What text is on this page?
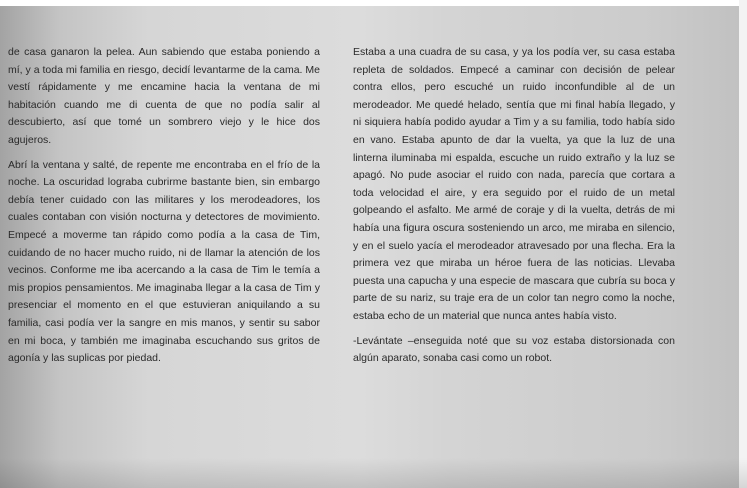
de casa ganaron la pelea. Aun sabiendo que estaba poniendo a mí, y a toda mi familia en riesgo, decidí levantarme de la cama. Me vestí rápidamente y me encamine hacia la ventana de mi habitación cuando me di cuenta de que no podía salir al descubierto, así que tomé un sombrero viejo y le hice dos agujeros.

Abrí la ventana y salté, de repente me encontraba en el frío de la noche. La oscuridad lograba cubrirme bastante bien, sin embargo debía tener cuidado con las militares y los merodeadores, los cuales contaban con visión nocturna y detectores de movimiento. Empecé a moverme tan rápido como podía a la casa de Tim, cuidando de no hacer mucho ruido, ni de llamar la atención de los vecinos. Conforme me iba acercando a la casa de Tim le temía a mis propios pensamientos. Me imaginaba llegar a la casa de Tim y presenciar el momento en el que estuvieran aniquilando a su familia, casi podía ver la sangre en mis manos, y sentir su sabor en mi boca, y también me imaginaba escuchando sus gritos de agonía y las suplicas por piedad.

Estaba a una cuadra de su casa, y ya los podía ver, su casa estaba repleta de soldados. Empecé a caminar con decisión de pelear contra ellos, pero escuché un ruido inconfundible al de un merodeador. Me quedé helado, sentía que mi final había llegado, y ni siquiera había podido ayudar a Tim y a su familia, todo había sido en vano. Estaba apunto de dar la vuelta, ya que la luz de una linterna iluminaba mi espalda, escuche un ruido extraño y la luz se apagó. No pude asociar el ruido con nada, parecía que cortara a toda velocidad el aire, y era seguido por el ruido de un metal golpeando el asfalto. Me armé de coraje y di la vuelta, detrás de mi había una figura oscura sosteniendo un arco, me miraba en silencio, y en el suelo yacía el merodeador atravesado por una flecha. Era la primera vez que miraba un héroe fuera de las noticias. Llevaba puesta una capucha y una especie de mascara que cubría su boca y parte de su nariz, su traje era de un color tan negro como la noche, estaba echo de un material que nunca antes había visto.

-Levántate –enseguida noté que su voz estaba distorsionada con algún aparato, sonaba casi como un robot.
